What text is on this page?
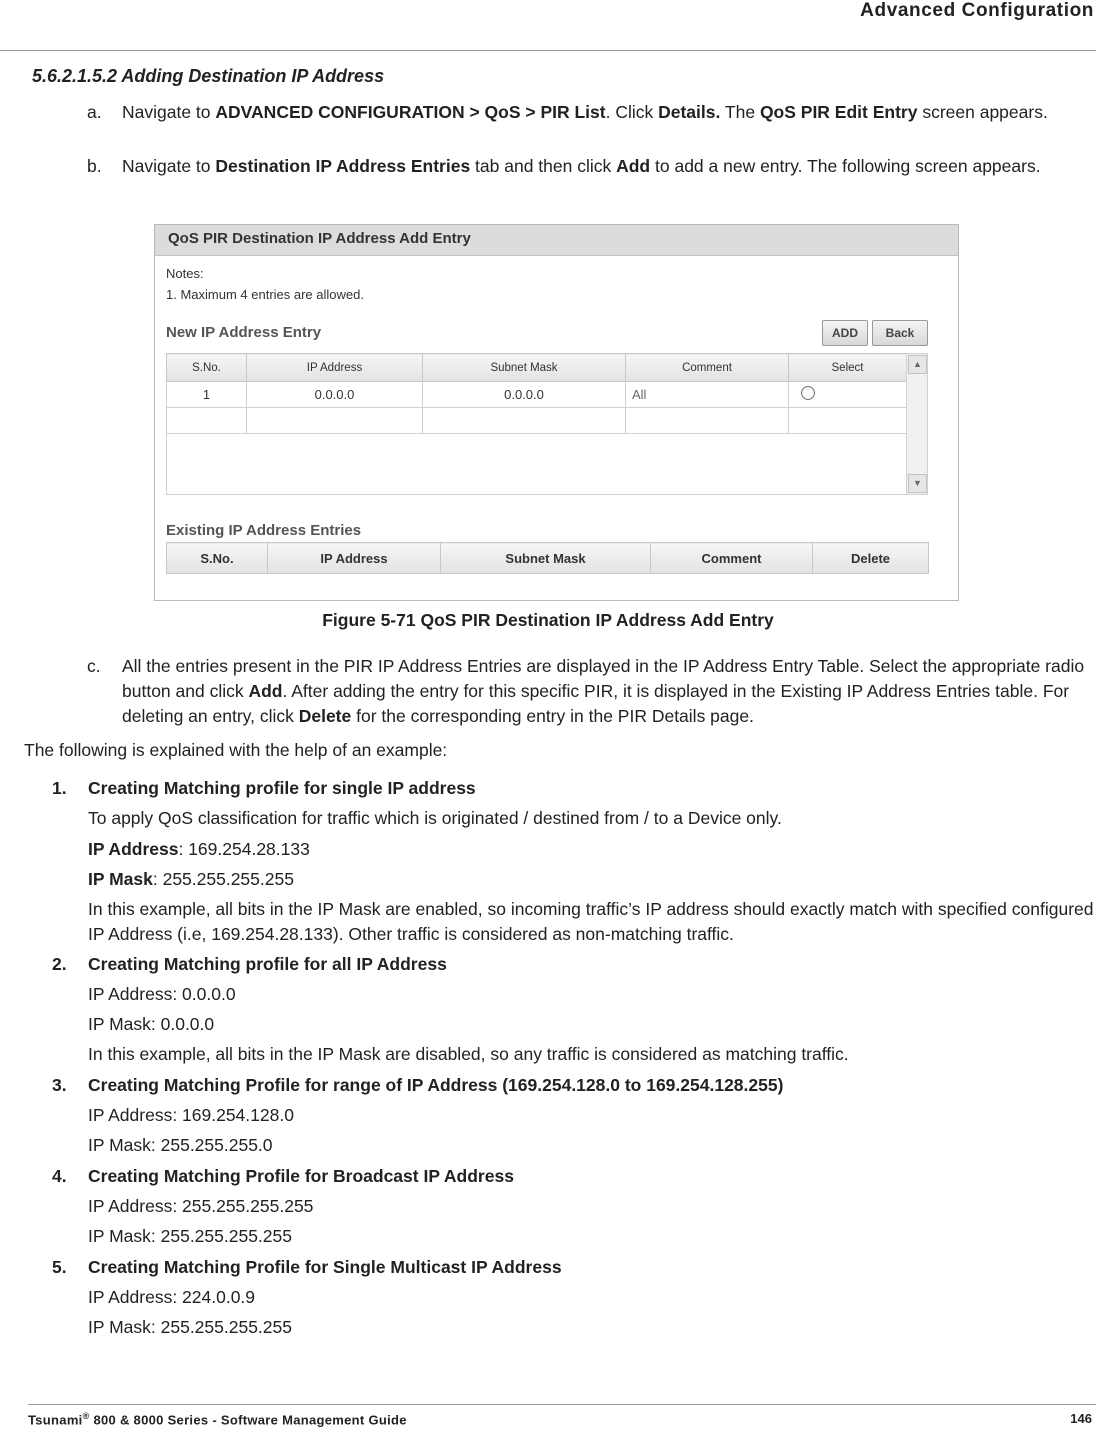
Advanced Configuration
5.6.2.1.5.2 Adding Destination IP Address
a. Navigate to ADVANCED CONFIGURATION > QoS > PIR List. Click Details. The QoS PIR Edit Entry screen appears.
b. Navigate to Destination IP Address Entries tab and then click Add to add a new entry. The following screen appears.
QoS PIR Destination IP Address Add Entry
Notes:
1. Maximum 4 entries are allowed.
New IP Address Entry	ADD	Back
S.No.	IP Address	Subnet Mask	Comment	Select
1	0.0.0.0	0.0.0.0	All	

▲
▼
Existing IP Address Entries
S.No.	IP Address	Subnet Mask	Comment	Delete
Figure 5-71 QoS PIR Destination IP Address Add Entry
c. All the entries present in the PIR IP Address Entries are displayed in the IP Address Entry Table. Select the appropriate radio button and click Add. After adding the entry for this specific PIR, it is displayed in the Existing IP Address Entries table. For deleting an entry, click Delete for the corresponding entry in the PIR Details page.
The following is explained with the help of an example:
1. Creating Matching profile for single IP address
To apply QoS classification for traffic which is originated / destined from / to a Device only.
IP Address: 169.254.28.133
IP Mask: 255.255.255.255
In this example, all bits in the IP Mask are enabled, so incoming traffic’s IP address should exactly match with specified configured IP Address (i.e, 169.254.28.133). Other traffic is considered as non-matching traffic.
2. Creating Matching profile for all IP Address
IP Address: 0.0.0.0
IP Mask: 0.0.0.0
In this example, all bits in the IP Mask are disabled, so any traffic is considered as matching traffic.
3. Creating Matching Profile for range of IP Address (169.254.128.0 to 169.254.128.255)
IP Address: 169.254.128.0
IP Mask: 255.255.255.0
4. Creating Matching Profile for Broadcast IP Address
IP Address: 255.255.255.255
IP Mask: 255.255.255.255
5. Creating Matching Profile for Single Multicast IP Address
IP Address: 224.0.0.9
IP Mask: 255.255.255.255
Tsunami® 800 & 8000 Series - Software Management Guide	146
